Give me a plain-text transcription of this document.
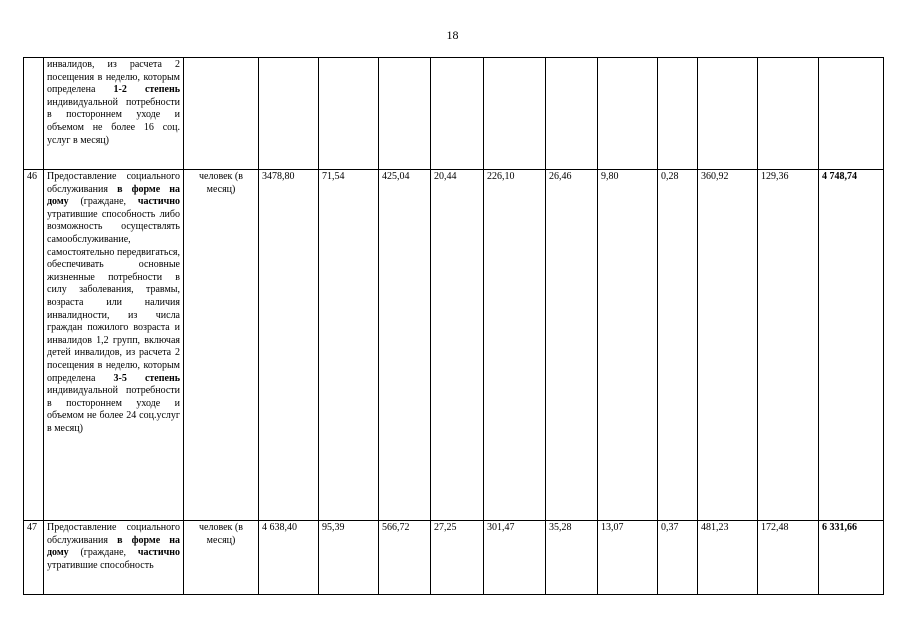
18
	инвалидов, из расчета 2 посещения в неделю, которым определена 1-2 степень индивидуальной потребности в постороннем уходе и объемом не более 16 соц. услуг в месяц)												
46	Предоставление социального обслуживания в форме на дому (граждане, частично утратившие способность либо возможность осуществлять самообслуживание, самостоятельно передвигаться, обеспечивать основные жизненные потребности в силу заболевания, травмы, возраста или наличия инвалидности, из числа граждан пожилого возраста и инвалидов 1,2 групп, включая детей инвалидов, из расчета 2 посещения в неделю, которым определена 3-5 степень индивидуальной потребности в постороннем уходе и объемом не более 24 соц.услуг в месяц)	человек (в месяц)	3478,80	71,54	425,04	20,44	226,10	26,46	9,80	0,28	360,92	129,36	4 748,74
47	Предоставление социального обслуживания в форме на дому (граждане, частично утратившие способность	человек (в месяц)	4 638,40	95,39	566,72	27,25	301,47	35,28	13,07	0,37	481,23	172,48	6 331,66
